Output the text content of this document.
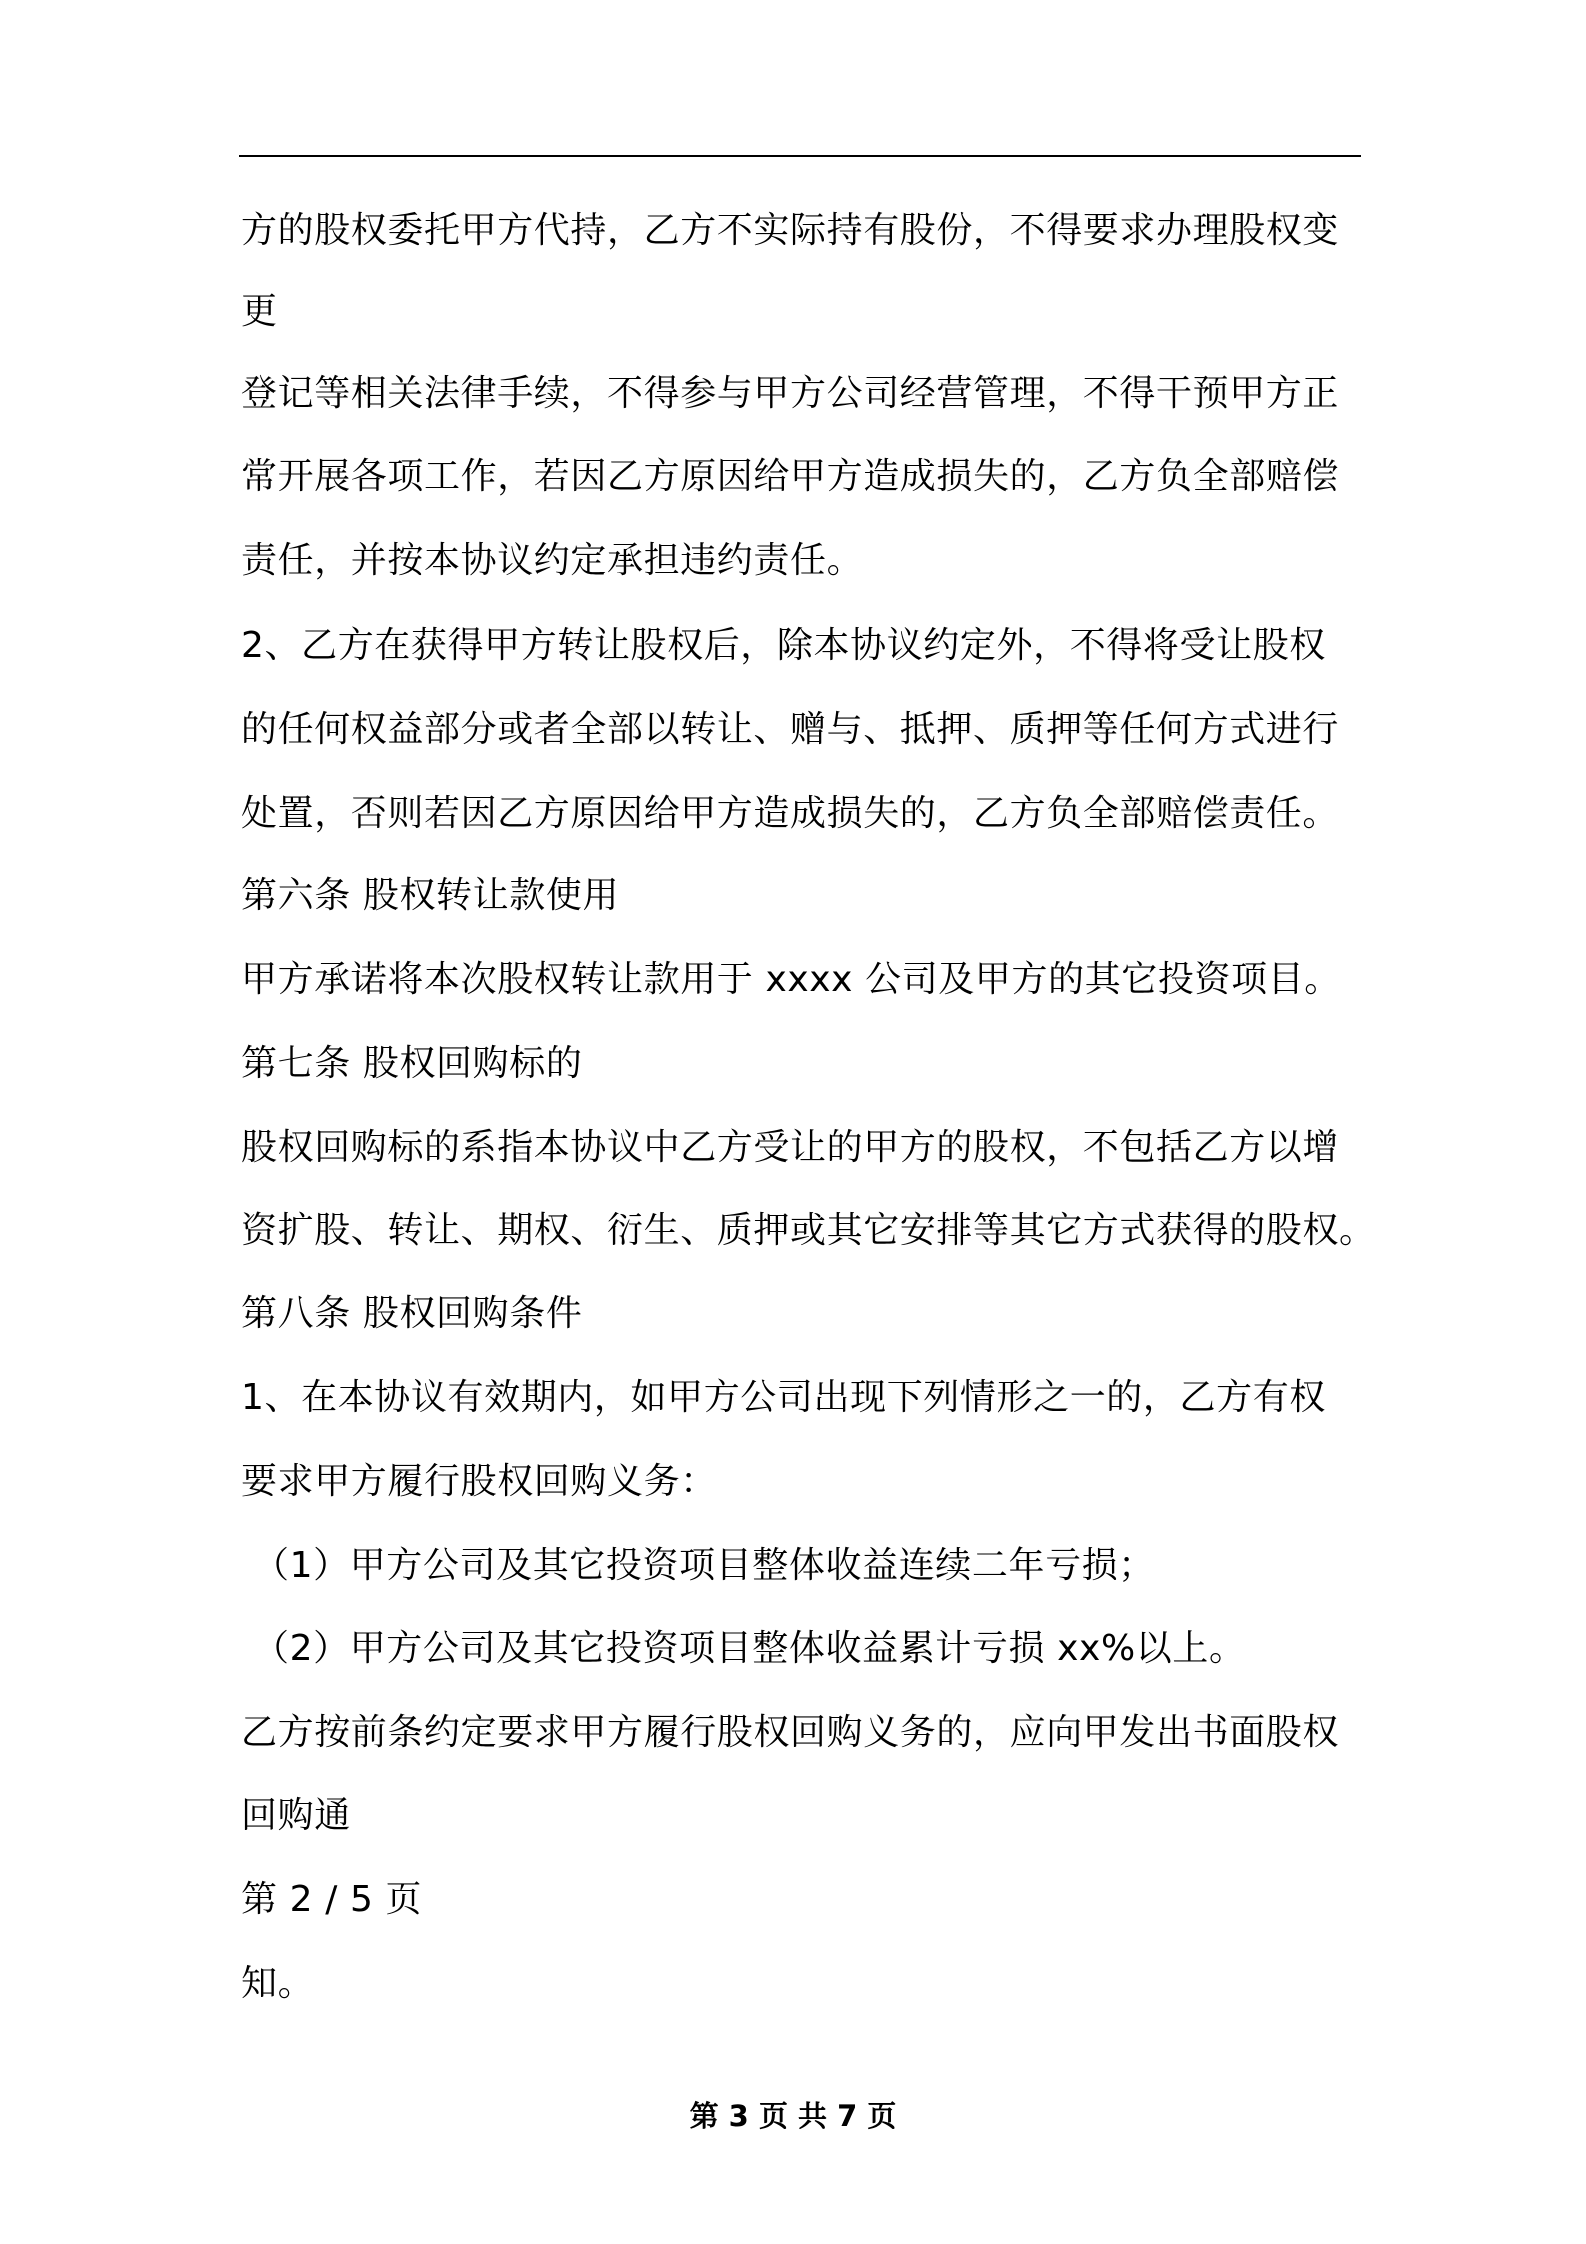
方的股权委托甲方代持，乙方不实际持有股份，不得要求办理股权变
更
登记等相关法律手续，不得参与甲方公司经营管理，不得干预甲方正
常开展各项工作，若因乙方原因给甲方造成损失的，乙方负全部赔偿
责任，并按本协议约定承担违约责任。
2、乙方在获得甲方转让股权后，除本协议约定外，不得将受让股权
的任何权益部分或者全部以转让、赠与、抵押、质押等任何方式进行
处置，否则若因乙方原因给甲方造成损失的，乙方负全部赔偿责任。
第六条 股权转让款使用
甲方承诺将本次股权转让款用于 xxxx 公司及甲方的其它投资项目。
第七条 股权回购标的
股权回购标的系指本协议中乙方受让的甲方的股权，不包括乙方以增
资扩股、转让、期权、衍生、质押或其它安排等其它方式获得的股权。
第八条 股权回购条件
1、在本协议有效期内，如甲方公司出现下列情形之一的，乙方有权
要求甲方履行股权回购义务：
（1）甲方公司及其它投资项目整体收益连续二年亏损；
（2）甲方公司及其它投资项目整体收益累计亏损 xx%以上。
乙方按前条约定要求甲方履行股权回购义务的，应向甲发出书面股权
回购通
第 2 / 5 页
知。
第 3 页 共 7 页
